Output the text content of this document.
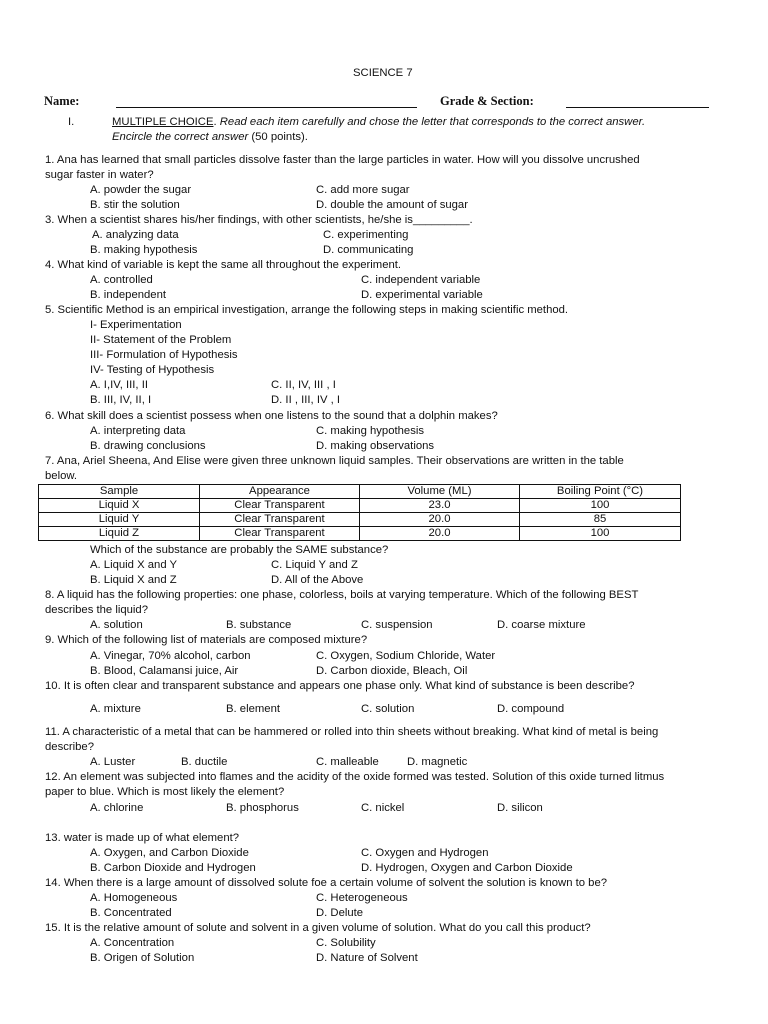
SCIENCE 7
Name:	Grade & Section:
I.	MULTIPLE CHOICE. Read each item carefully and chose the letter that corresponds to the correct answer.
Encircle the correct answer (50 points).
1. Ana has learned that small particles dissolve faster than the large particles in water. How will you dissolve uncrushed
sugar faster in water?
A. powder the sugar	C. add more sugar
B. stir the solution	D. double the amount of sugar
3. When a scientist shares his/her findings, with other scientists, he/she is_________.
A. analyzing data	C. experimenting
B. making hypothesis	D. communicating
4. What kind of variable is kept the same all throughout the experiment.
A. controlled	C. independent variable
B. independent	D. experimental variable
5. Scientific Method is an empirical investigation, arrange the following steps in making scientific method.
I- Experimentation
II- Statement of the Problem
III- Formulation of Hypothesis
IV- Testing of Hypothesis
A. I,IV, III, II	C. II, IV, III , I
B. III, IV, II, I	D. II , III, IV , I
6. What skill does a scientist possess when one listens to the sound that a dolphin makes?
A. interpreting data	C. making hypothesis
B. drawing conclusions	D. making observations
7. Ana, Ariel Sheena, And Elise were given three unknown liquid samples. Their observations are written in the table
below.
Sample	Appearance	Volume (ML)	Boiling Point (°C)
Liquid X	Clear Transparent	23.0	100
Liquid Y	Clear Transparent	20.0	85
Liquid Z	Clear Transparent	20.0	100
Which of the substance are probably the SAME substance?
A. Liquid X and Y	C. Liquid Y and Z
B. Liquid X and Z	D. All of the Above
8. A liquid has the following properties: one phase, colorless, boils at varying temperature. Which of the following BEST
describes the liquid?
A. solution	B. substance	C. suspension	D. coarse mixture
9. Which of the following list of materials are composed mixture?
A. Vinegar, 70% alcohol, carbon	C. Oxygen, Sodium Chloride, Water
B. Blood, Calamansi juice, Air	D. Carbon dioxide, Bleach, Oil
10. It is often clear and transparent substance and appears one phase only. What kind of substance is been describe?
A. mixture	B. element	C. solution	D. compound
11. A characteristic of a metal that can be hammered or rolled into thin sheets without breaking. What kind of metal is being
describe?
A. Luster	B. ductile	C. malleable D. magnetic
12. An element was subjected into flames and the acidity of the oxide formed was tested. Solution of this oxide turned litmus
paper to blue. Which is most likely the element?
A. chlorine	B. phosphorus	C. nickel	D. silicon
13. water is made up of what element?
A. Oxygen, and Carbon Dioxide	C. Oxygen and Hydrogen
B. Carbon Dioxide and Hydrogen	D. Hydrogen, Oxygen and Carbon Dioxide
14. When there is a large amount of dissolved solute foe a certain volume of solvent the solution is known to be?
A. Homogeneous	C. Heterogeneous
B. Concentrated	D. Delute
15. It is the relative amount of solute and solvent in a given volume of solution. What do you call this product?
A. Concentration	C. Solubility
B. Origen of Solution	D. Nature of Solvent
